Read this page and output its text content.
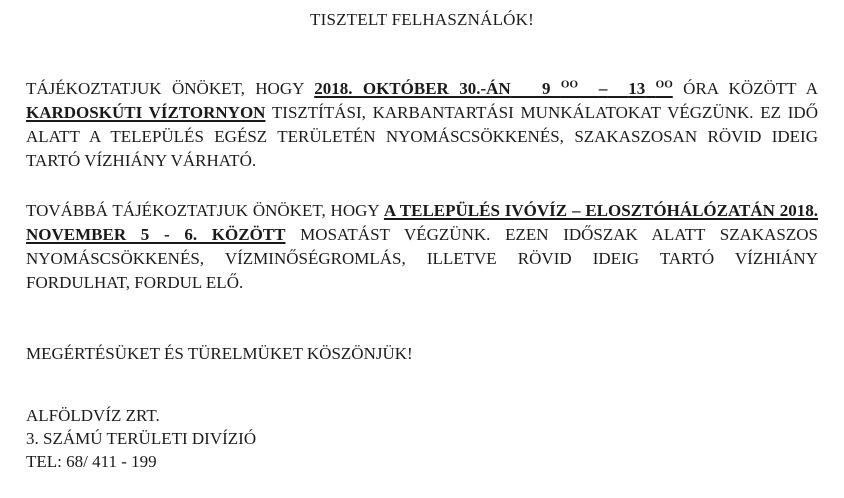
TISZTELT FELHASZNÁLÓK!

TÁJÉKOZTATJUK ÖNÖKET, HOGY 2018. OKTÓBER 30.-ÁN 9 $^{OO}$ – 13 $^{OO}$ ÓRA KÖZÖTT A KARDOSKÚTI VÍZTORNYON TISZTÍTÁSI, KARBANTARTÁSI MUNKÁLATOKAT VÉGZÜNK. EZ IDŐ ALATT A TELEPÜLÉS EGÉSZ TERÜLETÉN NYOMÁSCSÖKKENÉS, SZAKASZOSAN RÖVID IDEIG TARTÓ VÍZHIÁNY VÁRHATÓ.

TOVÁBBÁ TÁJÉKOZTATJUK ÖNÖKET, HOGY A TELEPÜLÉS IVÓVÍZ – ELOSZTÓHÁLÓZATÁN 2018. NOVEMBER 5 - 6. KÖZÖTT MOSATÁST VÉGZÜNK. EZEN IDŐSZAK ALATT SZAKASZOS NYOMÁSCSÖKKENÉS, VÍZMINŐSÉGROMLÁS, ILLETVE RÖVID IDEIG TARTÓ VÍZHIÁNY FORDULHAT, FORDUL ELŐ.

MEGÉRTÉSÜKET ÉS TÜRELMÜKET KÖSZÖNJÜK!

ALFÖLDVÍZ ZRT.
3. SZÁMÚ TERÜLETI DIVÍZIÓ
TEL: 68/ 411 - 199
